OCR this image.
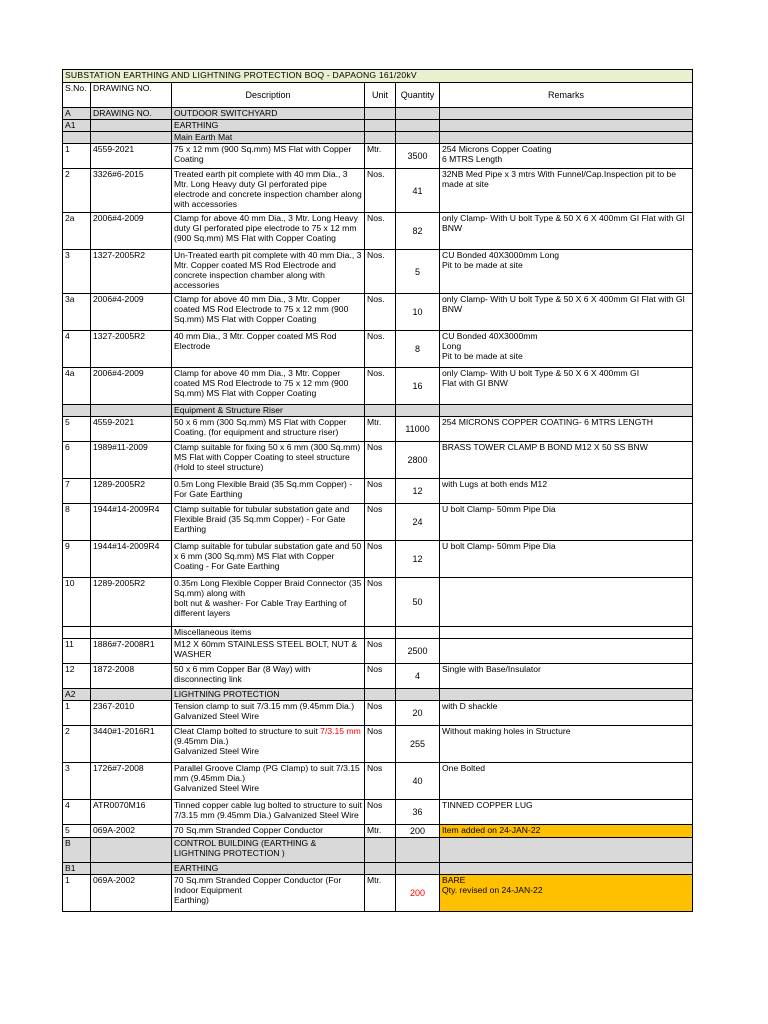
SUBSTATION EARTHING AND LIGHTNING PROTECTION BOQ - DAPAONG 161/20kV					
S.No.	DRAWING NO.	Description	Unit	Quantity	Remarks
A	DRAWING NO.	OUTDOOR SWITCHYARD			
A1		EARTHING			
		Main Earth Mat			
1	4559-2021	75 x 12 mm (900 Sq.mm) MS Flat with Copper Coating	Mtr.	3500	254 Microns Copper Coating
6 MTRS Length
2	3326#6-2015	Treated earth pit complete with 40 mm Dia., 3 Mtr. Long Heavy duty GI perforated pipe electrode and concrete inspection chamber along with accessories	Nos.	41	32NB Med Pipe x 3 mtrs With Funnel/Cap.Inspection pit to be made at site
2a	2006#4-2009	Clamp for above 40 mm Dia., 3 Mtr. Long Heavy duty GI perforated pipe electrode to 75 x 12 mm (900 Sq.mm) MS Flat with Copper Coating	Nos.	82	only Clamp- With U bolt Type & 50 X 6 X 400mm GI Flat with GI BNW
3	1327-2005R2	Un-Treated earth pit complete with 40 mm Dia., 3 Mtr. Copper coated MS Rod Electrode and concrete inspection chamber along with accessories	Nos.	5	CU Bonded 40X3000mm Long
Pit to be made at site
3a	2006#4-2009	Clamp for above 40 mm Dia., 3 Mtr. Copper coated MS Rod Electrode to 75 x 12 mm (900 Sq.mm) MS Flat with Copper Coating	Nos.	10	only Clamp- With U bolt Type & 50 X 6 X 400mm GI Flat with GI BNW
4	1327-2005R2	40 mm Dia., 3 Mtr. Copper coated MS Rod Electrode	Nos.	8	CU Bonded 40X3000mm
Long
Pit to be made at site
4a	2006#4-2009	Clamp for above 40 mm Dia., 3 Mtr. Copper coated MS Rod Electrode to 75 x 12 mm (900 Sq.mm) MS Flat with Copper Coating	Nos.	16	only Clamp- With U bolt Type & 50 X 6 X 400mm GI
Flat with GI BNW
		Equipment & Structure Riser			
5	4559-2021	50 x 6 mm (300 Sq.mm) MS Flat with Copper Coating. (for equipment and structure riser)	Mtr.	11000	254 MICRONS COPPER COATING- 6 MTRS LENGTH
6	1989#11-2009	Clamp suitable for fixing 50 x 6 mm (300 Sq.mm) MS Flat with Copper Coating to steel structure (Hold to steel structure)	Nos	2800	BRASS TOWER CLAMP B BOND M12 X 50 SS BNW
7	1289-2005R2	0.5m Long Flexible Braid (35 Sq.mm Copper) - For Gate Earthing	Nos	12	with Lugs at both ends M12
8	1944#14-2009R4	Clamp suitable for tubular substation gate and Flexible Braid (35 Sq.mm Copper) - For Gate Earthing	Nos	24	U bolt Clamp- 50mm Pipe Dia
9	1944#14-2009R4	Clamp suitable for tubular substation gate and 50 x 6 mm (300 Sq.mm) MS Flat with Copper Coating - For Gate Earthing	Nos	12	U bolt Clamp- 50mm Pipe Dia
10	1289-2005R2	0.35m Long Flexible Copper Braid Connector (35 Sq.mm) along with
bolt nut & washer- For Cable Tray Earthing of different layers	Nos	50	
		Miscellaneous items			
11	1886#7-2008R1	M12 X 60mm STAINLESS STEEL BOLT, NUT & WASHER	Nos	2500	
12	1872-2008	50 x 6 mm Copper Bar (8 Way) with disconnecting link	Nos	4	Single with Base/Insulator
A2		LIGHTNING PROTECTION			
1	2367-2010	Tension clamp to suit 7/3.15 mm (9.45mm Dia.) Galvanized Steel Wire	Nos	20	with D shackle
2	3440#1-2016R1	Cleat Clamp bolted to structure to suit 7/3.15 mm (9.45mm Dia.)
Galvanized Steel Wire	Nos	255	Without making holes in Structure
3	1726#7-2008	Parallel Groove Clamp (PG Clamp) to suit 7/3.15 mm (9.45mm Dia.)
Galvanized Steel Wire	Nos	40	One Bolted
4	ATR0070M16	Tinned copper cable lug bolted to structure to suit 7/3.15 mm (9.45mm Dia.) Galvanized Steel Wire	Nos	36	TINNED COPPER LUG
5	069A-2002	70 Sq.mm Stranded Copper Conductor	Mtr.	200	Item added on 24-JAN-22
B		CONTROL BUILDING (EARTHING & LIGHTNING PROTECTION )			
B1		EARTHING			
1	069A-2002	70 Sq.mm Stranded Copper Conductor (For Indoor Equipment
Earthing)	Mtr.	200	BARE
Qty. revised on 24-JAN-22
